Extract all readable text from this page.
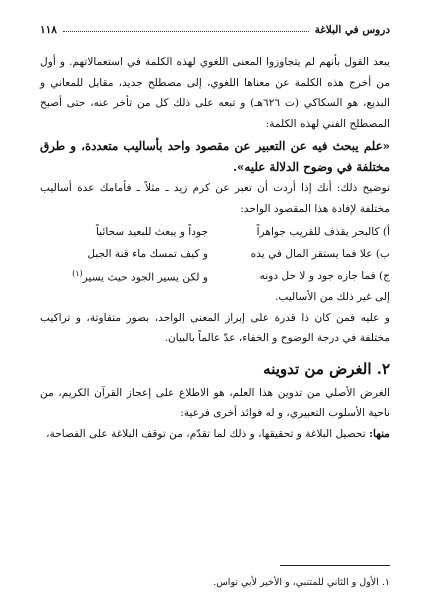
دروس في البلاغة
١١٨

يبعد القول بأنهم لم يتجاوزوا المعنى اللغوي لهذه الكلمة في استعمالاتهم. و أول من أخرج هذه الكلمة عن معناها اللغوي، إلى مصطلح جديد، مقابل للمعاني و البديع، هو السكاكي (ت ٦٢٦هـ) و تبعه على ذلك كل من تأخر عنه، حتى أصبح المصطلح الفني لهذه الكلمة:

«علم يبحث فيه عن التعبير عن مقصود واحد بأساليب متعددة، و طرق مختلفة في وضوح الدلالة عليه».

توضيح ذلك: أنك إذا أردت أن تعبر عن كرم زيد ـ مثلاً ـ فأمامك عدة أساليب مختلفة لإفادة هذا المقصود الواحد:

أ) كالبحر يقذف للقريب جواهراً
جوداً و يبعث للبعيد سحائباً
ب) علا فما يستقر المال في يده
و كيف تمسك ماء قنة الجبل
ج) فما جازه جود و لا حل دونه
و لكن يسير الجود حيث يسير$^{(١)}$

إلى غير ذلك من الأساليب.

و عليه فمن كان ذا قدرة على إبراز المعنى الواحد، بصور متفاوتة، و تراكيب مختلفة في درجة الوضوح و الخفاء، عدّ عالماً بالبيان.

٢. الغرض من تدوينه

الغرض الأصلي من تدوين هذا العلم، هو الاطلاع على إعجاز القرآن الكريم، من ناحية الأسلوب التعبيري، و له فوائد أخرى فرعية:

منها: تحصيل البلاغة و تحقيقها، و ذلك لما تقدّم، من توقف البلاغة على الفصاحة،

١. الأول و الثاني للمتنبي، و الأخير لأبي نواس.
